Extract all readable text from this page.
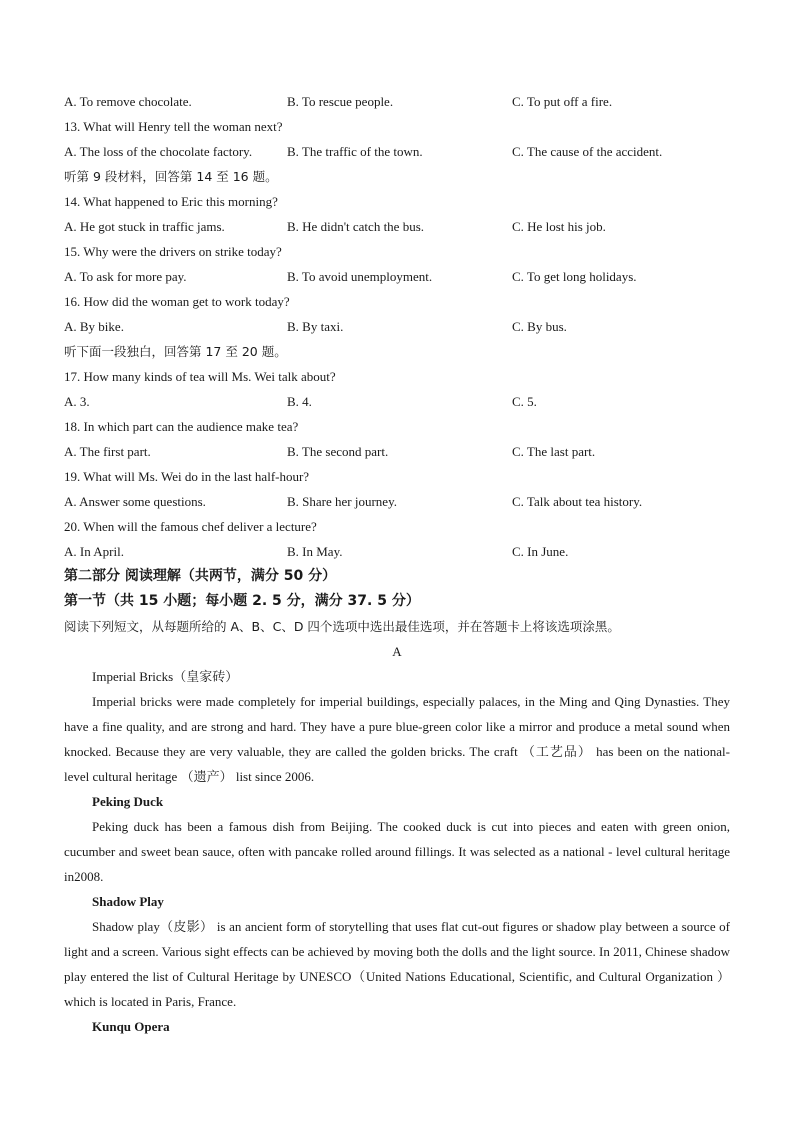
A. To remove chocolate.	B. To rescue people.	C. To put off a fire.
13. What will Henry tell the woman next?
A. The loss of the chocolate factory.	B. The traffic of the town.	C. The cause of the accident.
听第 9 段材料，回答第 14 至 16 题。
14. What happened to Eric this morning?
A. He got stuck in traffic jams.	B. He didn't catch the bus.	C. He lost his job.
15. Why were the drivers on strike today?
A. To ask for more pay.	B. To avoid unemployment.	C. To get long holidays.
16. How did the woman get to work today?
A. By bike.	B. By taxi.	C. By bus.
听下面一段独白，回答第 17 至 20 题。
17. How many kinds of tea will Ms. Wei talk about?
A. 3.	B. 4.	C. 5.
18. In which part can the audience make tea?
A. The first part.	B. The second part.	C. The last part.
19. What will Ms. Wei do in the last half-hour?
A. Answer some questions.	B. Share her journey.	C. Talk about tea history.
20. When will the famous chef deliver a lecture?
A. In April.	B. In May.	C. In June.
第二部分 阅读理解（共两节，满分 50 分）
第一节（共 15 小题；每小题 2. 5 分，满分 37. 5 分）
阅读下列短文，从每题所给的 A、B、C、D 四个选项中选出最佳选项，并在答题卡上将该选项涂黑。
A
Imperial Bricks（皇家砖）
Imperial bricks were made completely for imperial buildings, especially palaces, in the Ming and Qing Dynasties. They have a fine quality, and are strong and hard. They have a pure blue-green color like a mirror and produce a metal sound when knocked. Because they are very valuable, they are called the golden bricks. The craft （工艺品） has been on the national-level cultural heritage （遗产） list since 2006.
Peking Duck
Peking duck has been a famous dish from Beijing. The cooked duck is cut into pieces and eaten with green onion, cucumber and sweet bean sauce, often with pancake rolled around fillings. It was selected as a national - level cultural heritage in2008.
Shadow Play
Shadow play（皮影） is an ancient form of storytelling that uses flat cut-out figures or shadow play between a source of light and a screen. Various sight effects can be achieved by moving both the dolls and the light source. In 2011, Chinese shadow play entered the list of Cultural Heritage by UNESCO（United Nations Educational, Scientific, and Cultural Organization ） which is located in Paris, France.
Kunqu Opera
